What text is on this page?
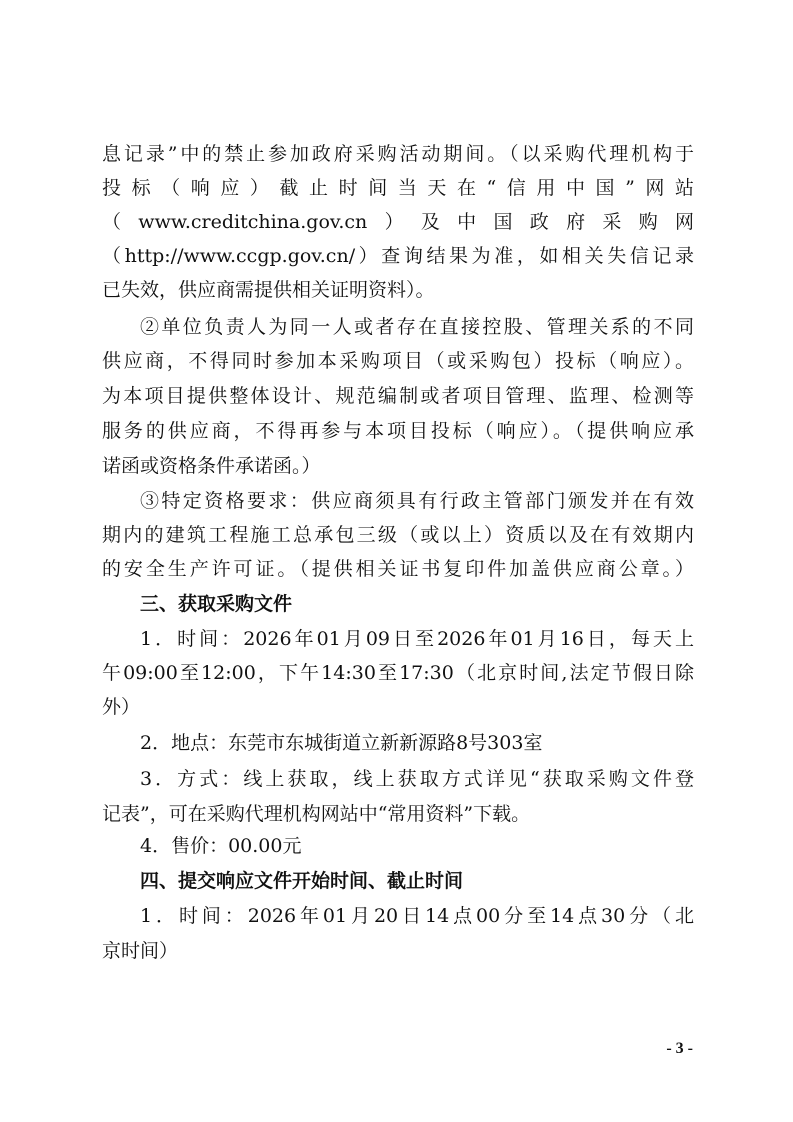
息记录”中的禁止参加政府采购活动期间。（以采购代理机构于
投标（响应）截止时间当天在“信用中国”网站
（www.creditchina.gov.cn）及中国政府采购网
（http://www.ccgp.gov.cn/）查询结果为准，如相关失信记录
已失效，供应商需提供相关证明资料）。
②单位负责人为同一人或者存在直接控股、管理关系的不同
供应商，不得同时参加本采购项目（或采购包）投标（响应）。
为本项目提供整体设计、规范编制或者项目管理、监理、检测等
服务的供应商，不得再参与本项目投标（响应）。（提供响应承
诺函或资格条件承诺函。）
③特定资格要求：供应商须具有行政主管部门颁发并在有效
期内的建筑工程施工总承包三级（或以上）资质以及在有效期内
的安全生产许可证。（提供相关证书复印件加盖供应商公章。）
三、获取采购文件
1．时间：2026年01月09日至2026年01月16日，每天上
午09:00至12:00，下午14:30至17:30（北京时间,法定节假日除
外）
2．地点：东莞市东城街道立新新源路8号303室
3．方式：线上获取，线上获取方式详见“获取采购文件登
记表”，可在采购代理机构网站中“常用资料”下载。
4．售价：00.00元
四、提交响应文件开始时间、截止时间
1．时间：2026年01月20日14点00分至14点30分（北
京时间）
- 3 -
